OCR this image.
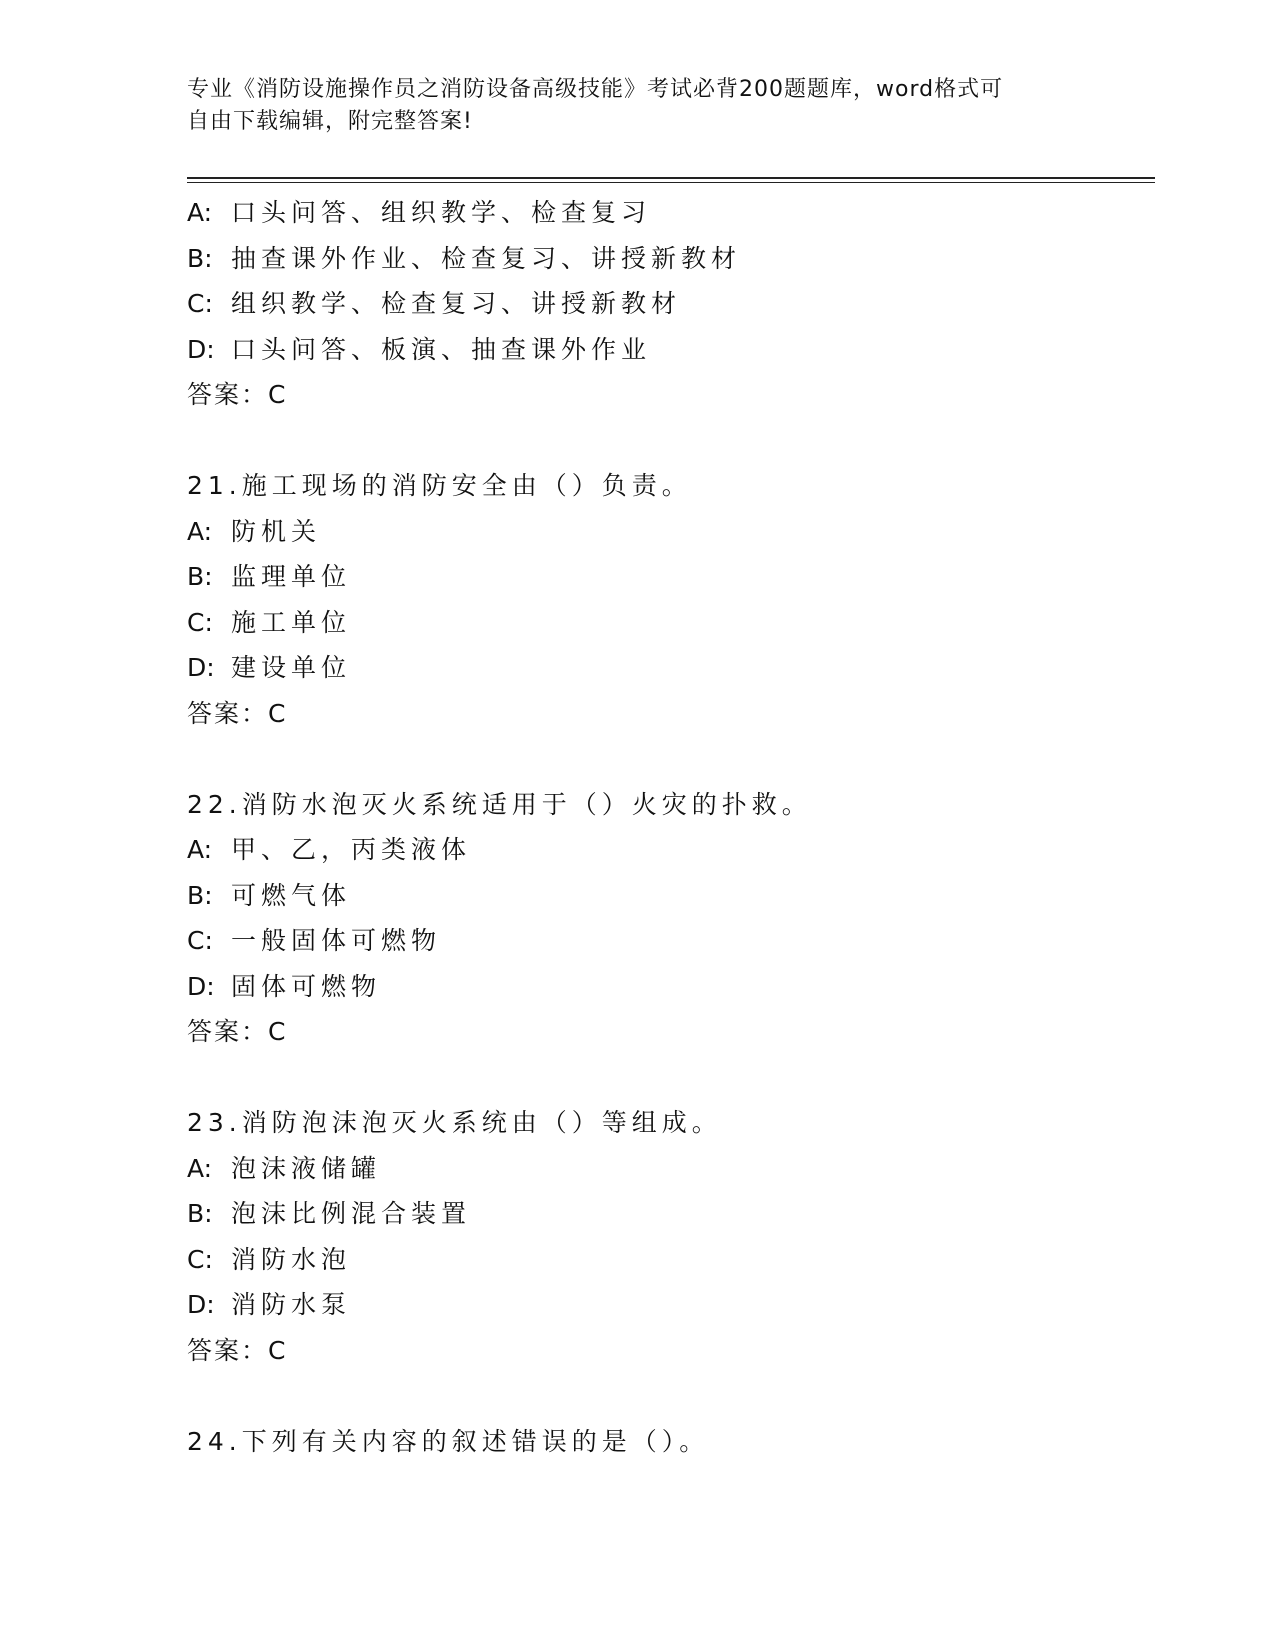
专业《消防设施操作员之消防设备高级技能》考试必背200题题库，word格式可
自由下载编辑，附完整答案!
A: 口头问答、组织教学、检查复习
B: 抽查课外作业、检查复习、讲授新教材
C: 组织教学、检查复习、讲授新教材
D: 口头问答、板演、抽查课外作业
答案：C
21.施工现场的消防安全由（）负责。
A: 防机关
B: 监理单位
C: 施工单位
D: 建设单位
答案：C
22.消防水泡灭火系统适用于（）火灾的扑救。
A: 甲、乙，丙类液体
B: 可燃气体
C: 一般固体可燃物
D: 固体可燃物
答案：C
23.消防泡沫泡灭火系统由（）等组成。
A: 泡沫液储罐
B: 泡沫比例混合装置
C: 消防水泡
D: 消防水泵
答案：C
24.下列有关内容的叙述错误的是（）。
